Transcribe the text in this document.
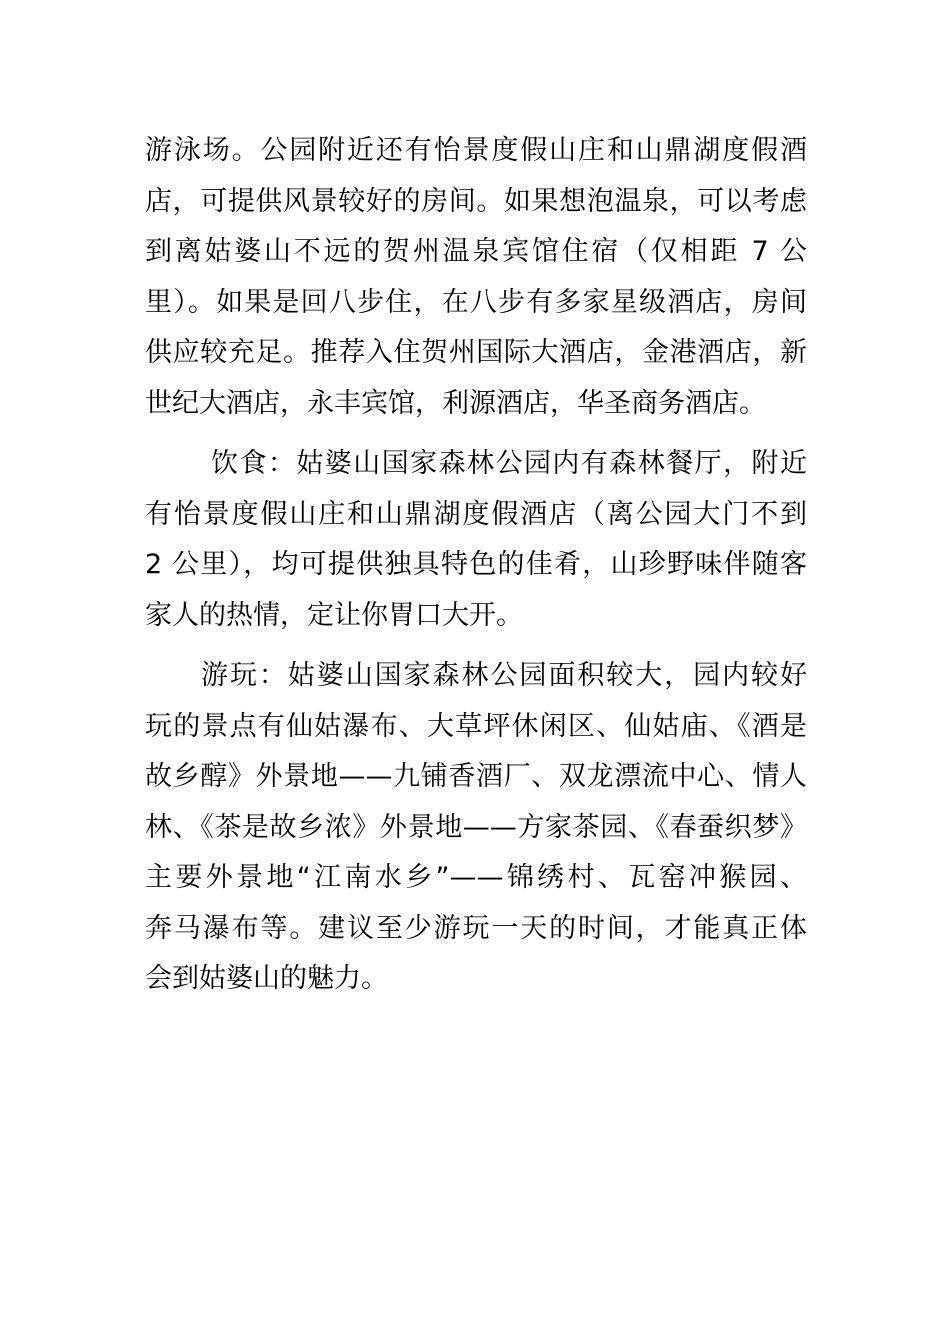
游泳场。公园附近还有怡景度假山庄和山鼎湖度假酒
店，可提供风景较好的房间。如果想泡温泉，可以考虑
到离姑婆山不远的贺州温泉宾馆住宿（仅相距 7 公
里）。如果是回八步住，在八步有多家星级酒店，房间
供应较充足。推荐入住贺州国际大酒店，金港酒店，新
世纪大酒店，永丰宾馆，利源酒店，华圣商务酒店。

饮食：姑婆山国家森林公园内有森林餐厅，附近
有怡景度假山庄和山鼎湖度假酒店（离公园大门不到
2 公里），均可提供独具特色的佳肴，山珍野味伴随客
家人的热情，定让你胃口大开。

游玩：姑婆山国家森林公园面积较大，园内较好
玩的景点有仙姑瀑布、大草坪休闲区、仙姑庙、《酒是
故乡醇》外景地——九铺香酒厂、双龙漂流中心、情人
林、《茶是故乡浓》外景地——方家茶园、《春蚕织梦》
主要外景地“江南水乡”——锦绣村、瓦窑冲猴园、
奔马瀑布等。建议至少游玩一天的时间，才能真正体
会到姑婆山的魅力。
